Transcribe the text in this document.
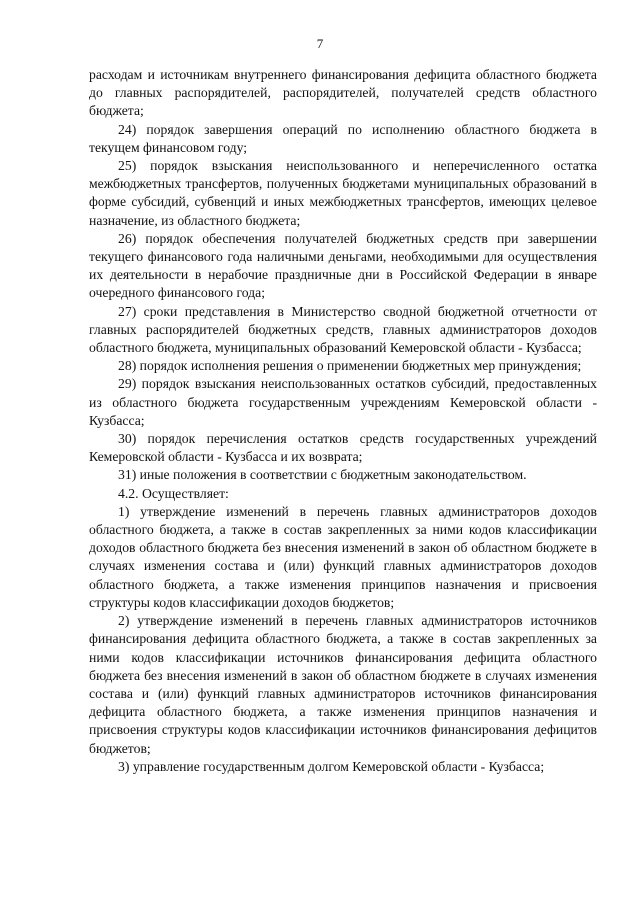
7

расходам и источникам внутреннего финансирования дефицита областного бюджета до главных распорядителей, распорядителей, получателей средств областного бюджета;

24) порядок завершения операций по исполнению областного бюджета в текущем финансовом году;

25) порядок взыскания неиспользованного и неперечисленного остатка межбюджетных трансфертов, полученных бюджетами муниципальных образований в форме субсидий, субвенций и иных межбюджетных трансфертов, имеющих целевое назначение, из областного бюджета;

26) порядок обеспечения получателей бюджетных средств при завершении текущего финансового года наличными деньгами, необходимыми для осуществления их деятельности в нерабочие праздничные дни в Российской Федерации в январе очередного финансового года;

27) сроки представления в Министерство сводной бюджетной отчетности от главных распорядителей бюджетных средств, главных администраторов доходов областного бюджета, муниципальных образований Кемеровской области - Кузбасса;

28) порядок исполнения решения о применении бюджетных мер принуждения;

29) порядок взыскания неиспользованных остатков субсидий, предоставленных из областного бюджета государственным учреждениям Кемеровской области - Кузбасса;

30) порядок перечисления остатков средств государственных учреждений Кемеровской области - Кузбасса и их возврата;

31) иные положения в соответствии с бюджетным законодательством.

4.2. Осуществляет:

1) утверждение изменений в перечень главных администраторов доходов областного бюджета, а также в состав закрепленных за ними кодов классификации доходов областного бюджета без внесения изменений в закон об областном бюджете в случаях изменения состава и (или) функций главных администраторов доходов областного бюджета, а также изменения принципов назначения и присвоения структуры кодов классификации доходов бюджетов;

2) утверждение изменений в перечень главных администраторов источников финансирования дефицита областного бюджета, а также в состав закрепленных за ними кодов классификации источников финансирования дефицита областного бюджета без внесения изменений в закон об областном бюджете в случаях изменения состава и (или) функций главных администраторов источников финансирования дефицита областного бюджета, а также изменения принципов назначения и присвоения структуры кодов классификации источников финансирования дефицитов бюджетов;

3) управление государственным долгом Кемеровской области - Кузбасса;
